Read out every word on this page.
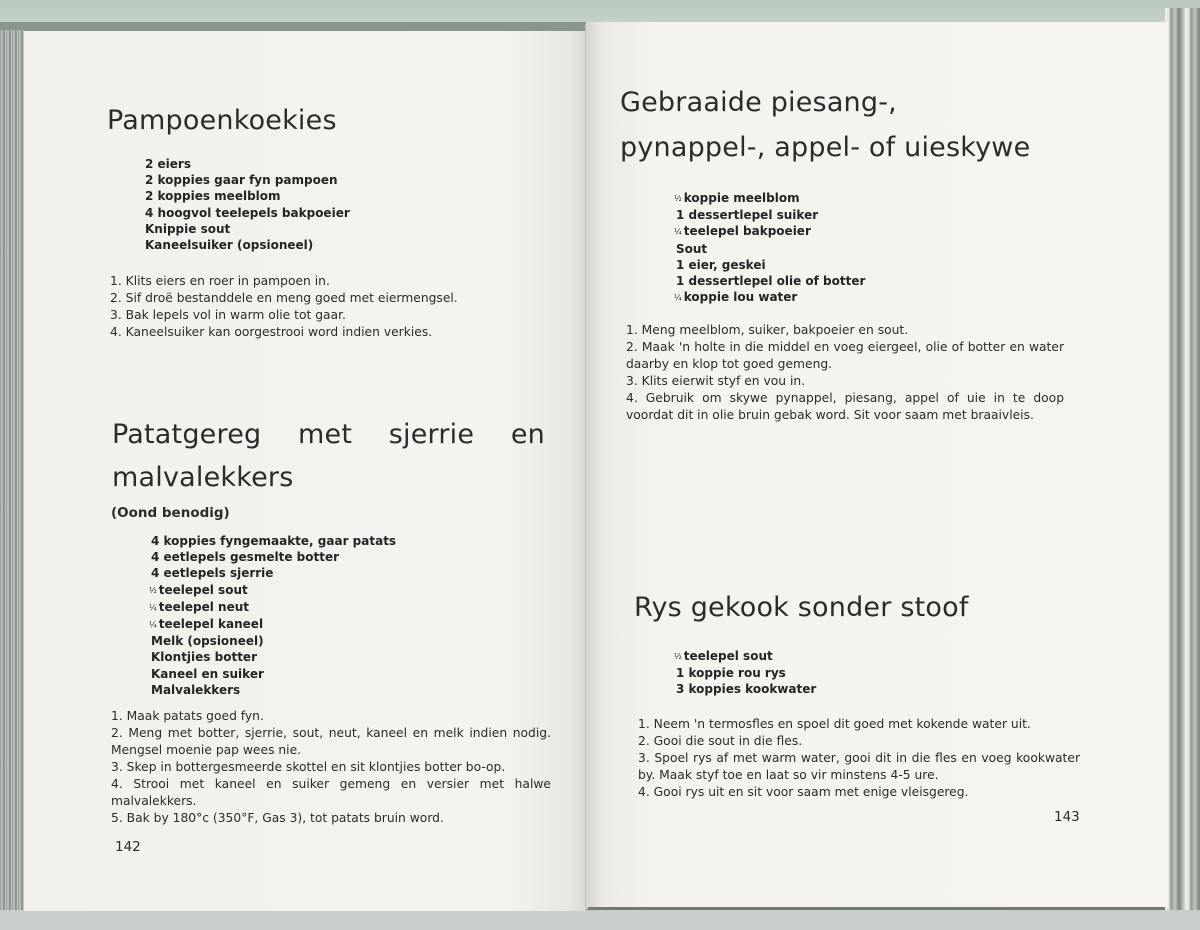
Pampoenkoekies
2 eiers
2 koppies gaar fyn pampoen
2 koppies meelblom
4 hoogvol teelepels bakpoeier
Knippie sout
Kaneelsuiker (opsioneel)
1. Klits eiers en roer in pampoen in.
2. Sif droë bestanddele en meng goed met eiermengsel.
3. Bak lepels vol in warm olie tot gaar.
4. Kaneelsuiker kan oorgestrooi word indien verkies.
Patatgereg met sjerrie en
malvalekkers
(Oond benodig)
4 koppies fyngemaakte, gaar patats
4 eetlepels gesmelte botter
4 eetlepels sjerrie
½ teelepel sout
¼ teelepel neut
¼ teelepel kaneel
Melk (opsioneel)
Klontjies botter
Kaneel en suiker
Malvalekkers
1. Maak patats goed fyn.
2. Meng met botter, sjerrie, sout, neut, kaneel en melk indien nodig. Mengsel moenie pap wees nie.
3. Skep in bottergesmeerde skottel en sit klontjies botter bo-op.
4. Strooi met kaneel en suiker gemeng en versier met halwe malvalekkers.
5. Bak by 180°c (350°F, Gas 3), tot patats bruin word.
142
Gebraaide piesang-,
pynappel-, appel- of uieskywe
½ koppie meelblom
1 dessertlepel suiker
¼ teelepel bakpoeier
Sout
1 eier, geskei
1 dessertlepel olie of botter
¼ koppie lou water
1. Meng meelblom, suiker, bakpoeier en sout.
2. Maak 'n holte in die middel en voeg eiergeel, olie of botter en water daarby en klop tot goed gemeng.
3. Klits eierwit styf en vou in.
4. Gebruik om skywe pynappel, piesang, appel of uie in te doop voordat dit in olie bruin gebak word. Sit voor saam met braaivleis.
Rys gekook sonder stoof
½ teelepel sout
1 koppie rou rys
3 koppies kookwater
1. Neem 'n termosfles en spoel dit goed met kokende water uit.
2. Gooi die sout in die fles.
3. Spoel rys af met warm water, gooi dit in die fles en voeg kookwater by. Maak styf toe en laat so vir minstens 4-5 ure.
4. Gooi rys uit en sit voor saam met enige vleisgereg.
143
